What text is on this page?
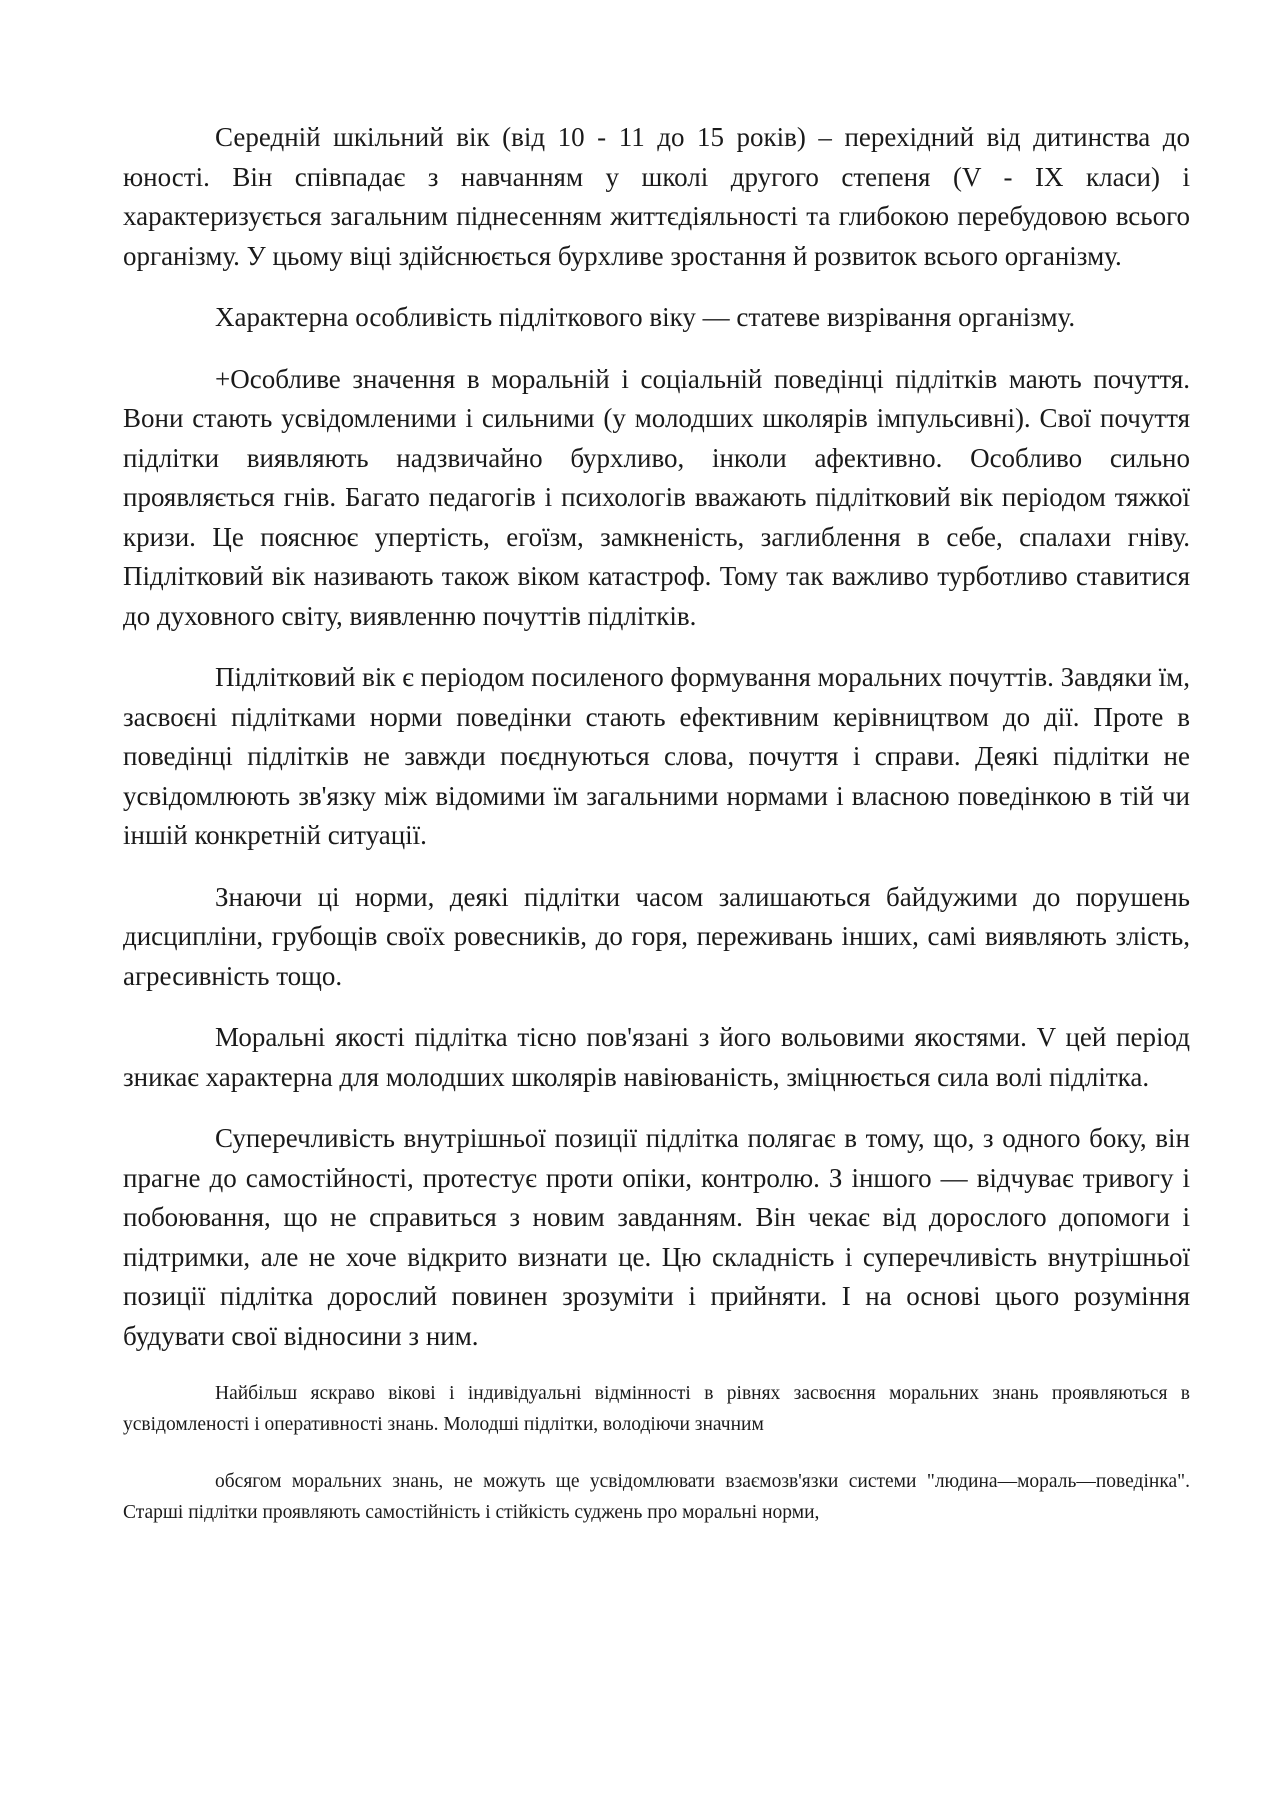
Середній шкільний вік (від 10 - 11 до 15 років) – перехідний від дитинства до юності. Він співпадає з навчанням у школі другого степеня (V - ІХ класи) і характеризується загальним піднесенням життєдіяльності та глибокою перебудовою всього організму. У цьому віці здійснюється бурхливе зростання й розвиток всього організму.

Характерна особливість підліткового віку — статеве визрівання організму.

+Особливе значення в моральній і соціальній поведінці підлітків мають почуття. Вони стають усвідомленими і сильними (у молодших школярів імпульсивні). Свої почуття підлітки виявляють надзвичайно бурхливо, інколи афективно. Особливо сильно проявляється гнів. Багато педагогів і психологів вважають підлітковий вік періодом тяжкої кризи. Це пояснює упертість, егоїзм, замкненість, заглиблення в себе, спалахи гніву. Підлітковий вік називають також віком катастроф. Тому так важливо турботливо ставитися до духовного світу, виявленню почуттів підлітків.

Підлітковий вік є періодом посиленого формування моральних почуттів. Завдяки їм, засвоєні підлітками норми поведінки стають ефективним керівництвом до дії. Проте в поведінці підлітків не завжди поєднуються слова, почуття і справи. Деякі підлітки не усвідомлюють зв'язку між відомими їм загальними нормами і власною поведінкою в тій чи іншій конкретній ситуації.

Знаючи ці норми, деякі підлітки часом залишаються байдужими до порушень дисципліни, грубощів своїх ровесників, до горя, переживань інших, самі виявляють злість, агресивність тощо.

Моральні якості підлітка тісно пов'язані з його вольовими якостями. V цей період зникає характерна для молодших школярів навіюваність, зміцнюється сила волі підлітка.

Суперечливість внутрішньої позиції підлітка полягає в тому, що, з одного боку, він прагне до самостійності, протестує проти опіки, контролю. З іншого — відчуває тривогу і побоювання, що не справиться з новим завданням. Він чекає від дорослого допомоги і підтримки, але не хоче відкрито визнати це. Цю складність і суперечливість внутрішньої позиції підлітка дорослий повинен зрозуміти і прийняти. І на основі цього розуміння будувати свої відносини з ним.

Найбільш яскраво вікові і індивідуальні відмінності в рівнях засвоєння моральних знань проявляються в усвідомленості і оперативності знань. Молодші підлітки, володіючи значним

обсягом моральних знань, не можуть ще усвідомлювати взаємозв'язки системи "людина—мораль—поведінка". Старші підлітки проявляють самостійність і стійкість суджень про моральні норми,
